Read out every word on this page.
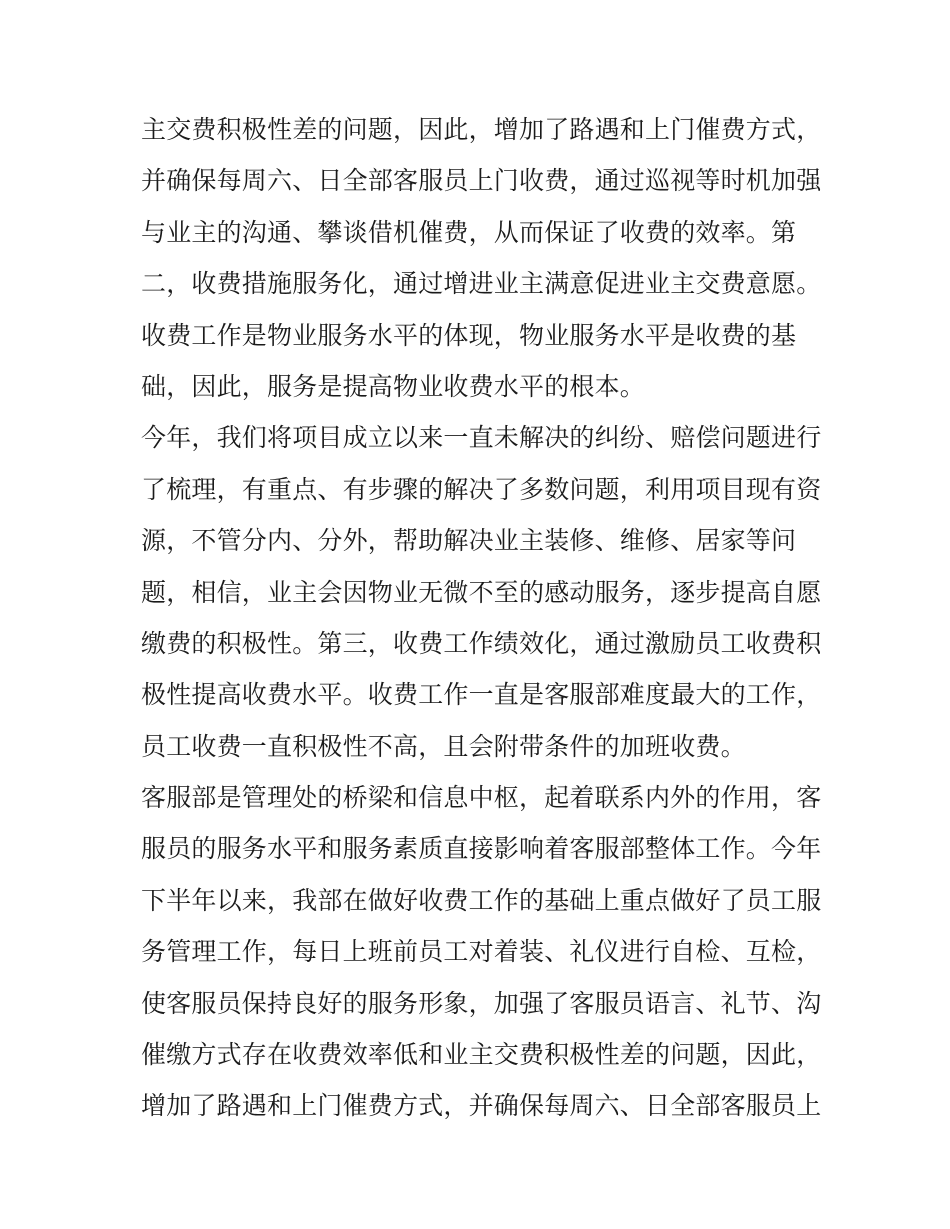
主交费积极性差的问题，因此，增加了路遇和上门催费方式，
并确保每周六、日全部客服员上门收费，通过巡视等时机加强
与业主的沟通、攀谈借机催费，从而保证了收费的效率。第
二，收费措施服务化，通过增进业主满意促进业主交费意愿。
收费工作是物业服务水平的体现，物业服务水平是收费的基
础，因此，服务是提高物业收费水平的根本。
今年，我们将项目成立以来一直未解决的纠纷、赔偿问题进行
了梳理，有重点、有步骤的解决了多数问题，利用项目现有资
源，不管分内、分外，帮助解决业主装修、维修、居家等问
题，相信，业主会因物业无微不至的感动服务，逐步提高自愿
缴费的积极性。第三，收费工作绩效化，通过激励员工收费积
极性提高收费水平。收费工作一直是客服部难度最大的工作，
员工收费一直积极性不高，且会附带条件的加班收费。
客服部是管理处的桥梁和信息中枢，起着联系内外的作用，客
服员的服务水平和服务素质直接影响着客服部整体工作。今年
下半年以来，我部在做好收费工作的基础上重点做好了员工服
务管理工作，每日上班前员工对着装、礼仪进行自检、互检，
使客服员保持良好的服务形象，加强了客服员语言、礼节、沟
催缴方式存在收费效率低和业主交费积极性差的问题，因此，
增加了路遇和上门催费方式，并确保每周六、日全部客服员上
